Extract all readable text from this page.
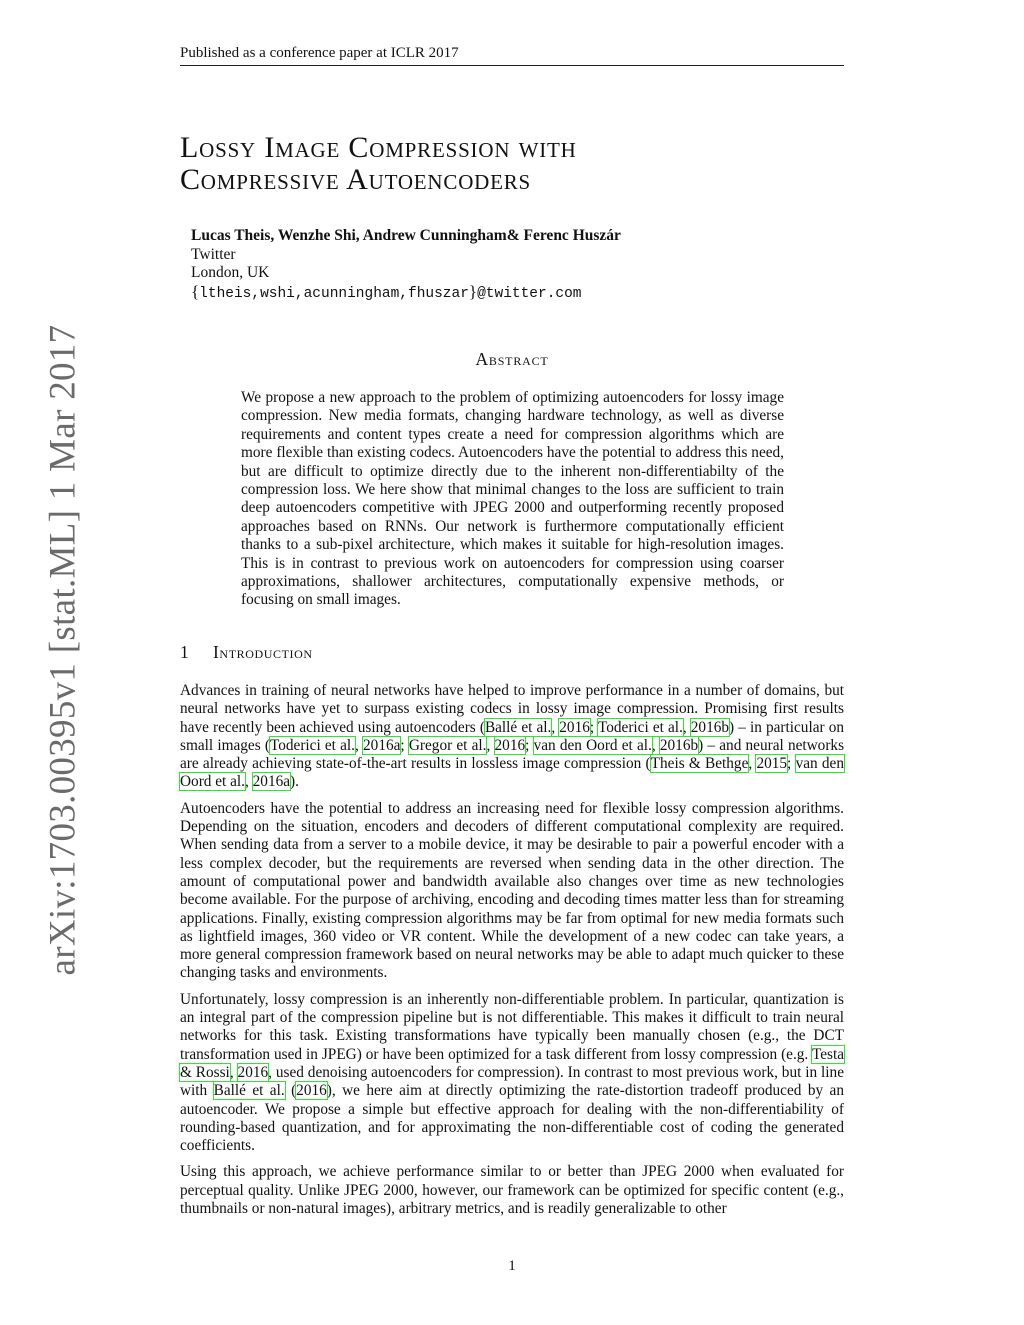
Published as a conference paper at ICLR 2017
arXiv:1703.00395v1 [stat.ML] 1 Mar 2017
Lossy Image Compression with
Compressive Autoencoders
Lucas Theis, Wenzhe Shi, Andrew Cunningham& Ferenc Huszár
Twitter
London, UK
{ltheis,wshi,acunningham,fhuszar}@twitter.com
Abstract
We propose a new approach to the problem of optimizing autoencoders for lossy image compression. New media formats, changing hardware technology, as well as diverse requirements and content types create a need for compression algorithms which are more flexible than existing codecs. Autoencoders have the potential to address this need, but are difficult to optimize directly due to the inherent non-differentiabilty of the compression loss. We here show that minimal changes to the loss are sufficient to train deep autoencoders competitive with JPEG 2000 and outperforming recently proposed approaches based on RNNs. Our network is furthermore computationally efficient thanks to a sub-pixel architecture, which makes it suitable for high-resolution images. This is in contrast to previous work on autoencoders for compression using coarser approximations, shallower architectures, computationally expensive methods, or focusing on small images.
1 Introduction

Advances in training of neural networks have helped to improve performance in a number of domains, but neural networks have yet to surpass existing codecs in lossy image compression. Promising first results have recently been achieved using autoencoders (Ballé et al., 2016; Toderici et al., 2016b) – in particular on small images (Toderici et al., 2016a; Gregor et al., 2016; van den Oord et al., 2016b) – and neural networks are already achieving state-of-the-art results in lossless image compression (Theis & Bethge, 2015; van den Oord et al., 2016a).

Autoencoders have the potential to address an increasing need for flexible lossy compression algorithms. Depending on the situation, encoders and decoders of different computational complexity are required. When sending data from a server to a mobile device, it may be desirable to pair a powerful encoder with a less complex decoder, but the requirements are reversed when sending data in the other direction. The amount of computational power and bandwidth available also changes over time as new technologies become available. For the purpose of archiving, encoding and decoding times matter less than for streaming applications. Finally, existing compression algorithms may be far from optimal for new media formats such as lightfield images, 360 video or VR content. While the development of a new codec can take years, a more general compression framework based on neural networks may be able to adapt much quicker to these changing tasks and environments.

Unfortunately, lossy compression is an inherently non-differentiable problem. In particular, quantization is an integral part of the compression pipeline but is not differentiable. This makes it difficult to train neural networks for this task. Existing transformations have typically been manually chosen (e.g., the DCT transformation used in JPEG) or have been optimized for a task different from lossy compression (e.g. Testa & Rossi, 2016, used denoising autoencoders for compression). In contrast to most previous work, but in line with Ballé et al. (2016), we here aim at directly optimizing the rate-distortion tradeoff produced by an autoencoder. We propose a simple but effective approach for dealing with the non-differentiability of rounding-based quantization, and for approximating the non-differentiable cost of coding the generated coefficients.

Using this approach, we achieve performance similar to or better than JPEG 2000 when evaluated for perceptual quality. Unlike JPEG 2000, however, our framework can be optimized for specific content (e.g., thumbnails or non-natural images), arbitrary metrics, and is readily generalizable to other

1
